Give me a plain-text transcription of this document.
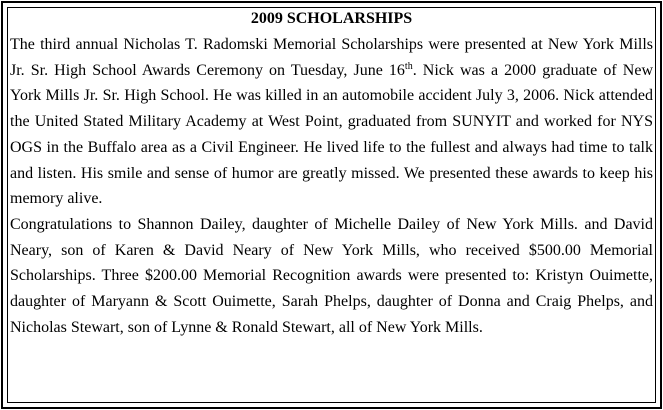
2009 SCHOLARSHIPS

The third annual Nicholas T. Radomski Memorial Scholarships were presented at New York Mills Jr. Sr. High School Awards Ceremony on Tuesday, June 16th. Nick was a 2000 graduate of New York Mills Jr. Sr. High School. He was killed in an automobile accident July 3, 2006. Nick attended the United Stated Military Academy at West Point, graduated from SUNYIT and worked for NYS OGS in the Buffalo area as a Civil Engineer. He lived life to the fullest and always had time to talk and listen. His smile and sense of humor are greatly missed. We presented these awards to keep his memory alive.

Congratulations to Shannon Dailey, daughter of Michelle Dailey of New York Mills. and David Neary, son of Karen & David Neary of New York Mills, who received $500.00 Memorial Scholarships. Three $200.00 Memorial Recognition awards were presented to: Kristyn Ouimette, daughter of Maryann & Scott Ouimette, Sarah Phelps, daughter of Donna and Craig Phelps, and Nicholas Stewart, son of Lynne & Ronald Stewart, all of New York Mills.
